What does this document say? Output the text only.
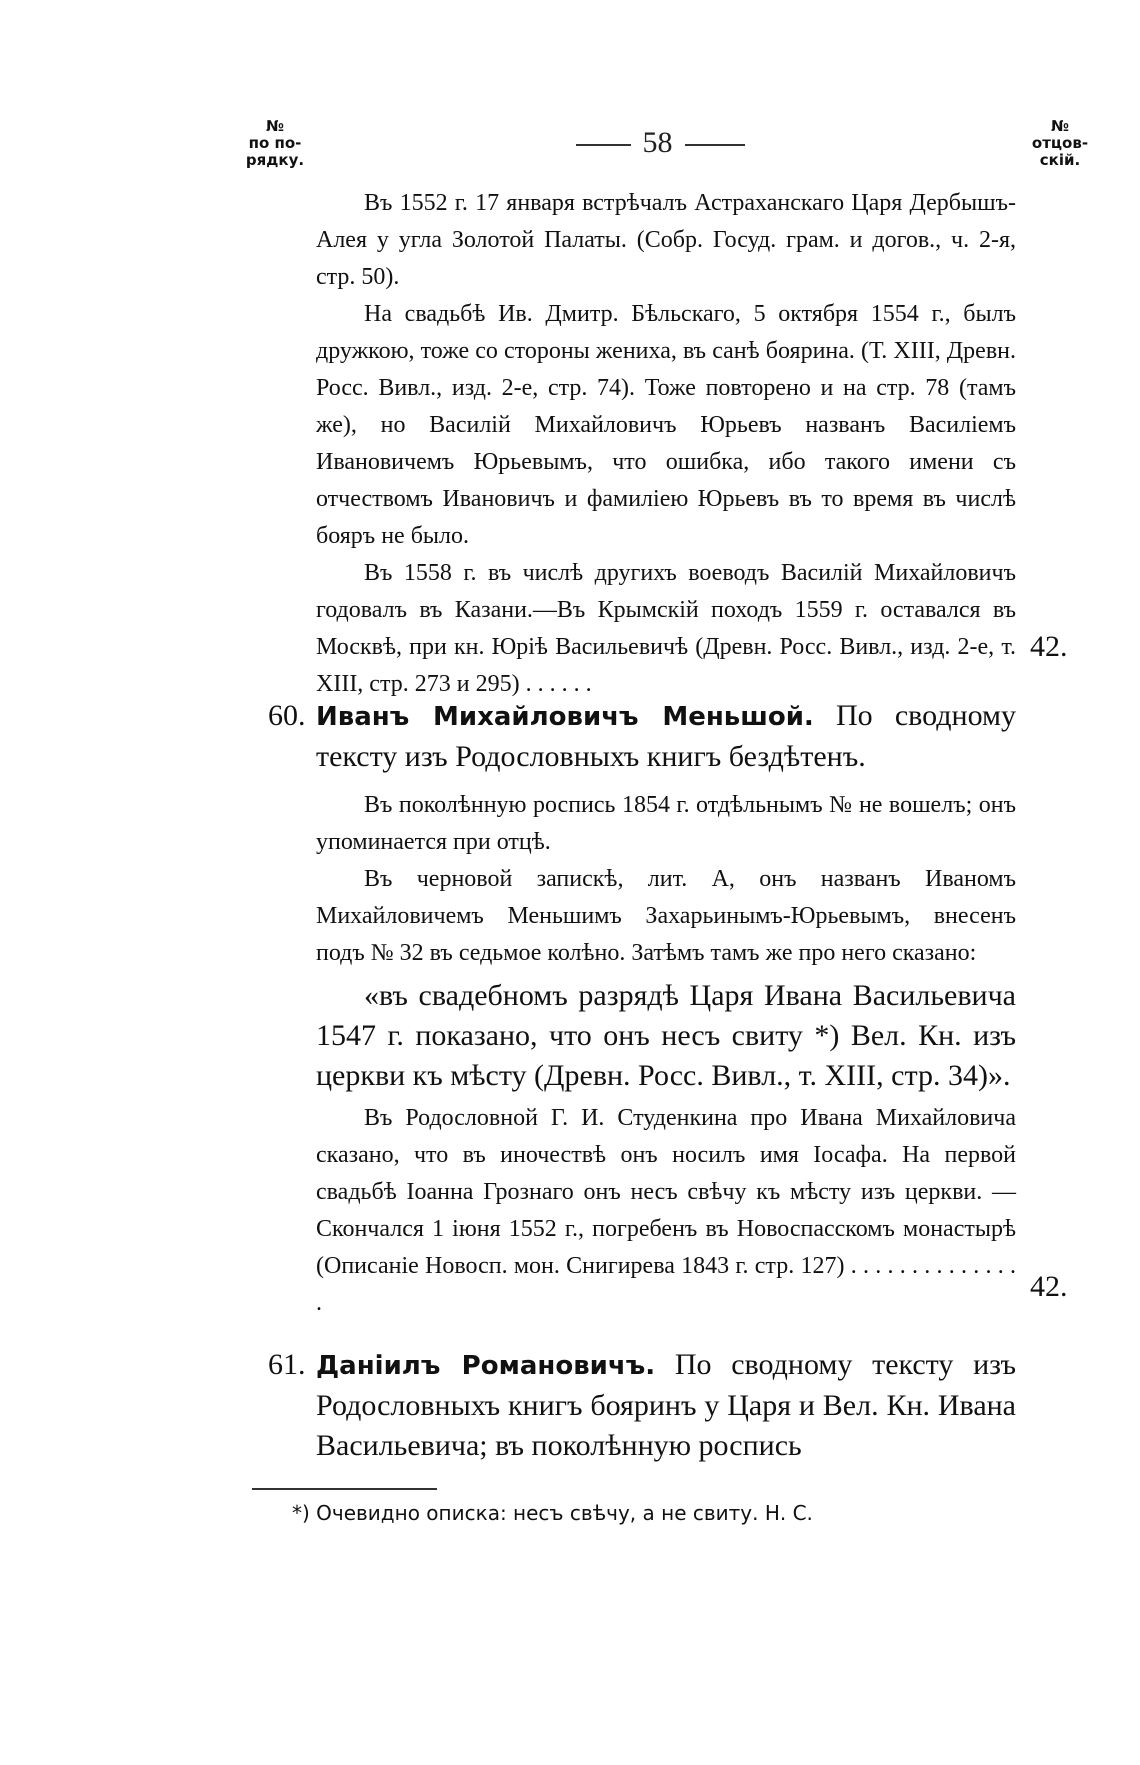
№
по по-
рядку.
58	№
отцов-
скій.

Въ 1552 г. 17 января встрѣчалъ Астраханскаго Царя Дербышъ-Алея у угла Золотой Палаты. (Собр. Госуд. грам. и догов., ч. 2-я, стр. 50).

На свадьбѣ Ив. Дмитр. Бѣльскаго, 5 октября 1554 г., былъ дружкою, тоже со стороны жениха, въ санѣ боярина. (Т. XIII, Древн. Росс. Вивл., изд. 2-е, стр. 74). Тоже повторено и на стр. 78 (тамъ же), но Василій Михайловичъ Юрьевъ названъ Василіемъ Ивановичемъ Юрьевымъ, что ошибка, ибо такого имени съ отчествомъ Ивановичъ и фамиліею Юрьевъ въ то время въ числѣ бояръ не было.

Въ 1558 г. въ числѣ другихъ воеводъ Василій Михайловичъ годовалъ въ Казани.—Въ Крымскій походъ 1559 г. оставался въ Москвѣ, при кн. Юріѣ Васильевичѣ (Древн. Росс. Вивл., изд. 2-е, т. XIII, стр. 273 и 295) . . . . . .

42.
60. Иванъ Михайловичъ Меньшой. По сводному тексту изъ Родословныхъ книгъ бездѣтенъ.

Въ поколѣнную роспись 1854 г. отдѣльнымъ № не вошелъ; онъ упоминается при отцѣ.

Въ черновой запискѣ, лит. А, онъ названъ Иваномъ Михайловичемъ Меньшимъ Захарьинымъ-Юрьевымъ, внесенъ подъ № 32 въ седьмое колѣно. Затѣмъ тамъ же про него сказано:

«въ свадебномъ разрядѣ Царя Ивана Васильевича 1547 г. показано, что онъ несъ свиту *) Вел. Кн. изъ церкви къ мѣсту (Древн. Росс. Вивл., т. XIII, стр. 34)».

Въ Родословной Г. И. Студенкина про Ивана Михайловича сказано, что въ иночествѣ онъ носилъ имя Іосафа. На первой свадьбѣ Іоанна Грознаго онъ несъ свѣчу къ мѣсту изъ церкви. — Скончался 1 іюня 1552 г., погребенъ въ Новоспасскомъ монастырѣ (Описаніе Новосп. мон. Снигирева 1843 г. стр. 127) . . . . . . . . . . . . . . .	42.
61. Даніилъ Романовичъ. По сводному тексту изъ Родословныхъ книгъ бояринъ у Царя и Вел. Кн. Ивана Васильевича; въ поколѣнную роспись

*) Очевидно описка: несъ свѣчу, а не свиту. Н. С.
